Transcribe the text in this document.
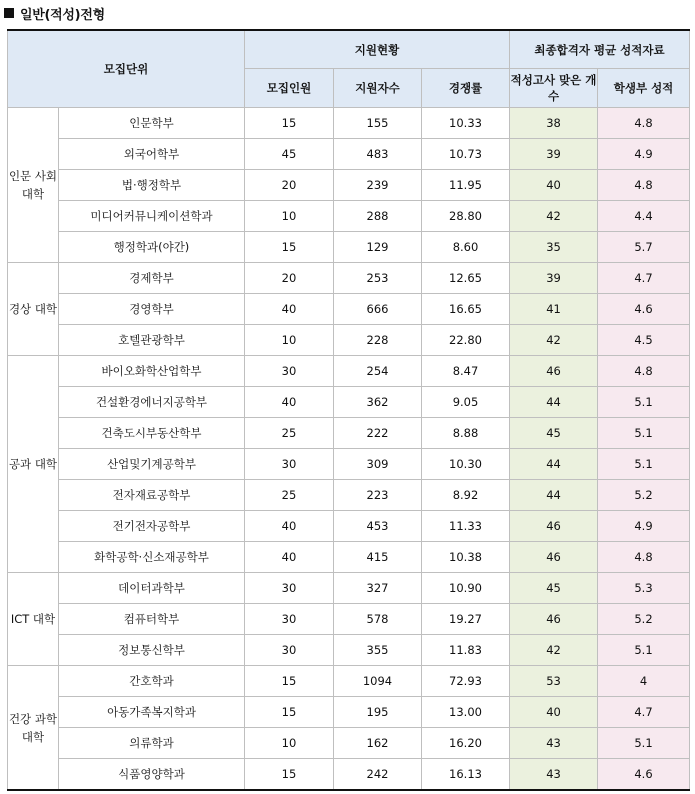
일반(적성)전형
모집단위		지원현황			최종합격자 평균 성적자료	
		모집인원	지원자수	경쟁률	적성고사 맞은 개수	학생부 성적
인문 사회 대학	인문학부	15	155	10.33	38	4.8
	외국어학부	45	483	10.73	39	4.9
	법·행정학부	20	239	11.95	40	4.8
	미디어커뮤니케이션학과	10	288	28.80	42	4.4
	행정학과(야간)	15	129	8.60	35	5.7
경상 대학	경제학부	20	253	12.65	39	4.7
	경영학부	40	666	16.65	41	4.6
	호텔관광학부	10	228	22.80	42	4.5
공과 대학	바이오화학산업학부	30	254	8.47	46	4.8
	건설환경에너지공학부	40	362	9.05	44	5.1
	건축도시부동산학부	25	222	8.88	45	5.1
	산업및기계공학부	30	309	10.30	44	5.1
	전자재료공학부	25	223	8.92	44	5.2
	전기전자공학부	40	453	11.33	46	4.9
	화학공학·신소재공학부	40	415	10.38	46	4.8
ICT 대학	데이터과학부	30	327	10.90	45	5.3
	컴퓨터학부	30	578	19.27	46	5.2
	정보통신학부	30	355	11.83	42	5.1
건강 과학 대학	간호학과	15	1094	72.93	53	4
	아동가족복지학과	15	195	13.00	40	4.7
	의류학과	10	162	16.20	43	5.1
	식품영양학과	15	242	16.13	43	4.6
